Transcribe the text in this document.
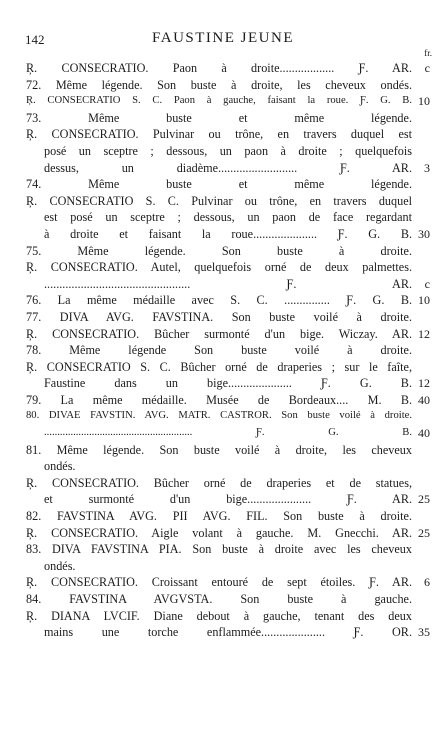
142	FAUSTINE JEUNE
fr.
Ŗ. CONSECRATIO. Paon à droite.................. Ƒ. AR. c
72. Même légende. Son buste à droite, les cheveux ondés.
Ŗ. CONSECRATIO S. C. Paon à gauche, faisant la roue. Ƒ. G. B. 10
73. Même buste et même légende.
Ŗ. CONSECRATIO. Pulvinar ou trône, en travers duquel est
posé un sceptre ; dessous, un paon à droite ; quelquefois
dessus, un diadème.......................... Ƒ. AR. 3
74. Même buste et même légende.
Ŗ. CONSECRATIO S. C. Pulvinar ou trône, en travers duquel
est posé un sceptre ; dessous, un paon de face regardant
à droite et faisant la roue..................... Ƒ. G. B. 30
75. Même légende. Son buste à droite.
Ŗ. CONSECRATIO. Autel, quelquefois orné de deux palmettes.
................................................ Ƒ. AR. c
76. La même médaille avec S. C. ............... Ƒ. G. B. 10
77. DIVA AVG. FAVSTINA. Son buste voilé à droite.
Ŗ. CONSECRATIO. Bûcher surmonté d'un bige. Wiczay. AR. 12
78. Même légende Son buste voilé à droite.
Ŗ. CONSECRATIO S. C. Bûcher orné de draperies ; sur le faîte,
Faustine dans un bige..................... Ƒ. G. B. 12
79. La même médaille. Musée de Bordeaux.... M. B. 40
80. DIVAE FAVSTIN. AVG. MATR. CASTROR. Son buste voilé à droite.
........................................................ Ƒ. G. B. 40
81. Même légende. Son buste voilé à droite, les cheveux
ondés.
Ŗ. CONSECRATIO. Bûcher orné de draperies et de statues,
et surmonté d'un bige..................... Ƒ. AR. 25
82. FAVSTINA AVG. PII AVG. FIL. Son buste à droite.
Ŗ. CONSECRATIO. Aigle volant à gauche. M. Gnecchi. AR. 25
83. DIVA FAVSTINA PIA. Son buste à droite avec les cheveux
ondés.
Ŗ. CONSECRATIO. Croissant entouré de sept étoiles. Ƒ. AR. 6
84. FAVSTINA AVGVSTA. Son buste à gauche.
Ŗ. DIANA LVCIF. Diane debout à gauche, tenant des deux
mains une torche enflammée..................... Ƒ. OR. 35
